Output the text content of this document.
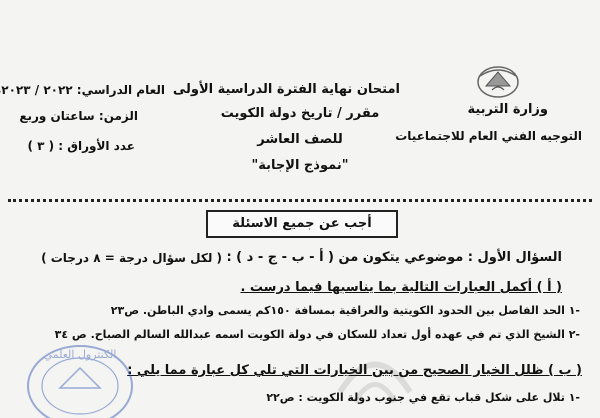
وزارة التربية
التوجيه الفني العام للاجتماعيات
امتحان نهاية الفترة الدراسية الأولى
مقرر / تاريخ دولة الكويت
للصف العاشر
"نموذج الإجابة"
العام الدراسي: ٢٠٢٢ / ٢٠٢٣
الزمن: ساعتان وربع
عدد الأوراق : ( ٣ )
أجب عن جميع الاسئلة
السؤال الأول : موضوعي يتكون من ( أ - ب - ج - د ) :
( لكل سؤال درجة = ٨ درجات )
( أ ) أكمل العبارات التالية بما يناسبها فيما درست .
-١ الحد الفاصل بين الحدود الكويتية والعراقية بمسافة ١٥٠كم يسمى وادي الباطن. ص٢٣
-٢ الشيخ الذي تم في عهده أول تعداد للسكان في دولة الكويت اسمه عبدالله السالم الصباح. ص ٣٤
( ب ) ظلل الخيار الصحيح من بين الخيارات التي تلي كل عبارة مما يلي :
-١ تلال على شكل قباب تقع في جنوب دولة الكويت : ص٢٢
الكنترول العلمي
